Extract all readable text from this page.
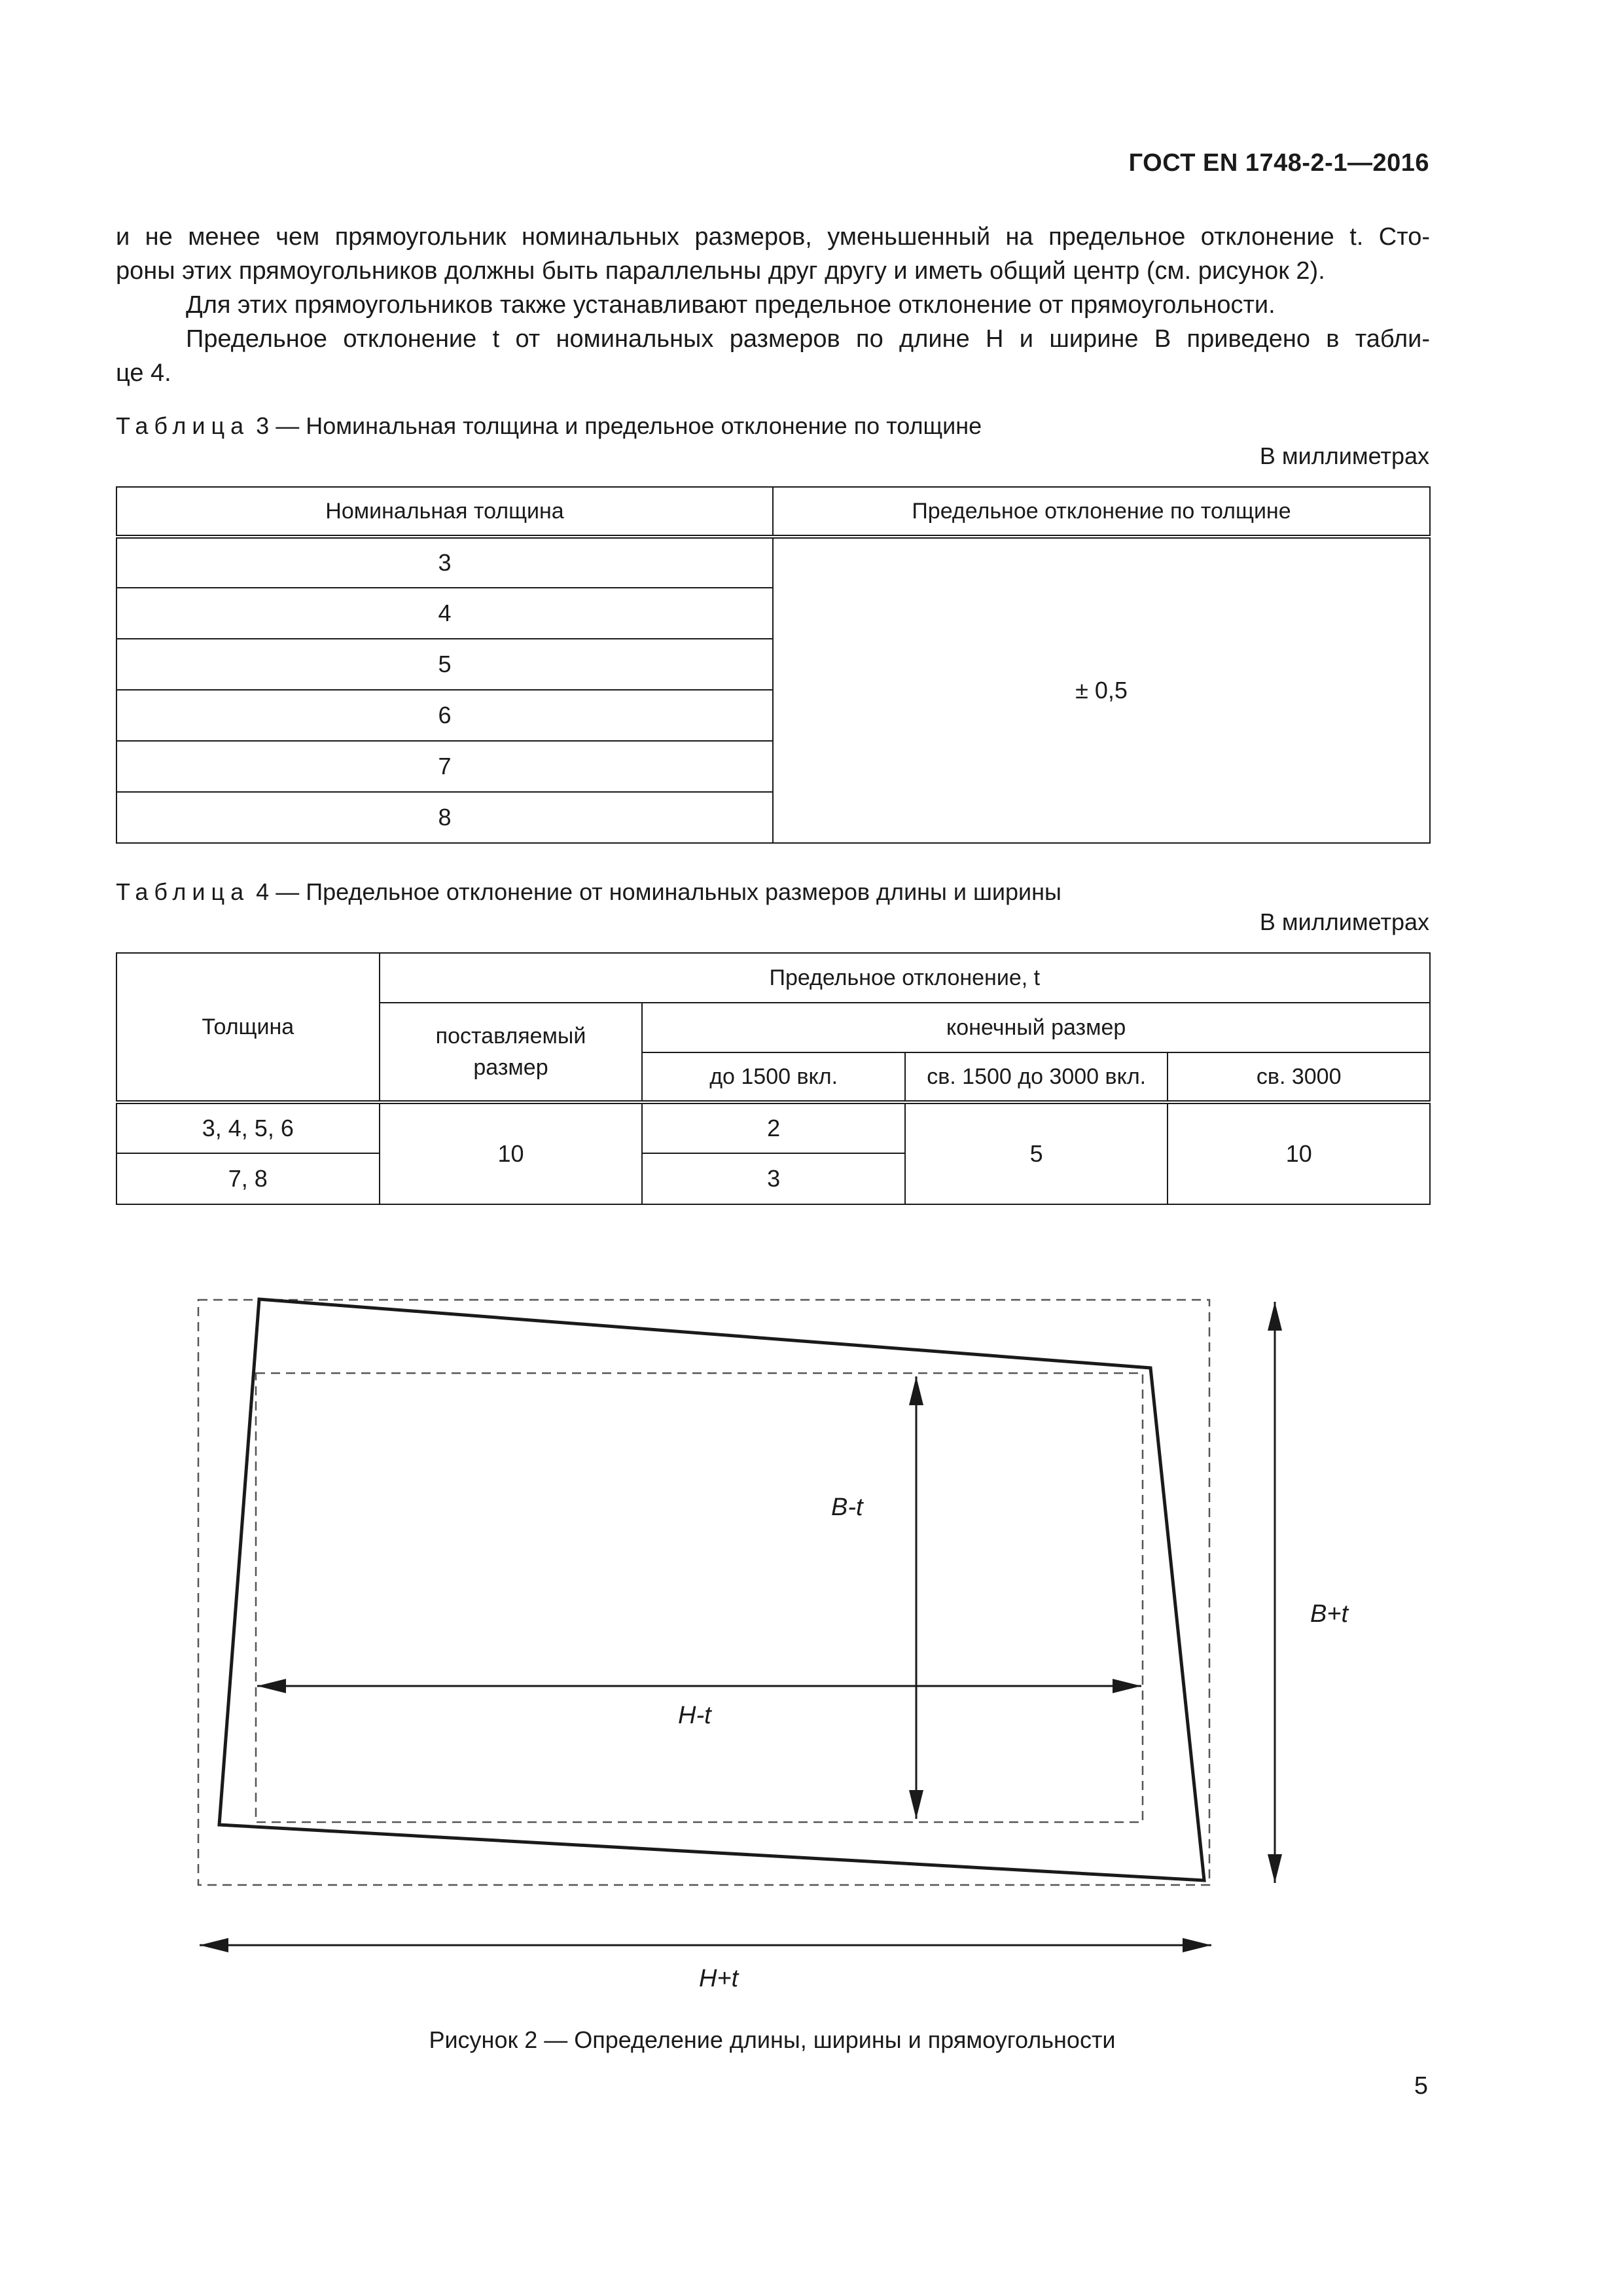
ГОСТ EN 1748-2-1—2016
и не менее чем прямоугольник номинальных размеров, уменьшенный на предельное отклонение t. Сто-
роны этих прямоугольников должны быть параллельны друг другу и иметь общий центр (см. рисунок 2).
Для этих прямоугольников также устанавливают предельное отклонение от прямоугольности.
Предельное отклонение t от номинальных размеров по длине H и ширине B приведено в табли-
це 4.
Таблица 3 — Номинальная толщина и предельное отклонение по толщине
В миллиметрах
Номинальная толщина	Предельное отклонение по толщине
3	± 0,5
4	
5	
6	
7	
8	
Таблица 4 — Предельное отклонение от номинальных размеров длины и ширины
В миллиметрах
Толщина	Предельное отклонение, t			

	поставляемый размер	конечный размер		
		до 1500 вкл.	св. 1500 до 3000 вкл.	св. 3000
3, 4, 5, 6	10	2	5	10
7, 8		3		
B-t
H-t
B+t
H+t
Рисунок 2 — Определение длины, ширины и прямоугольности
5
